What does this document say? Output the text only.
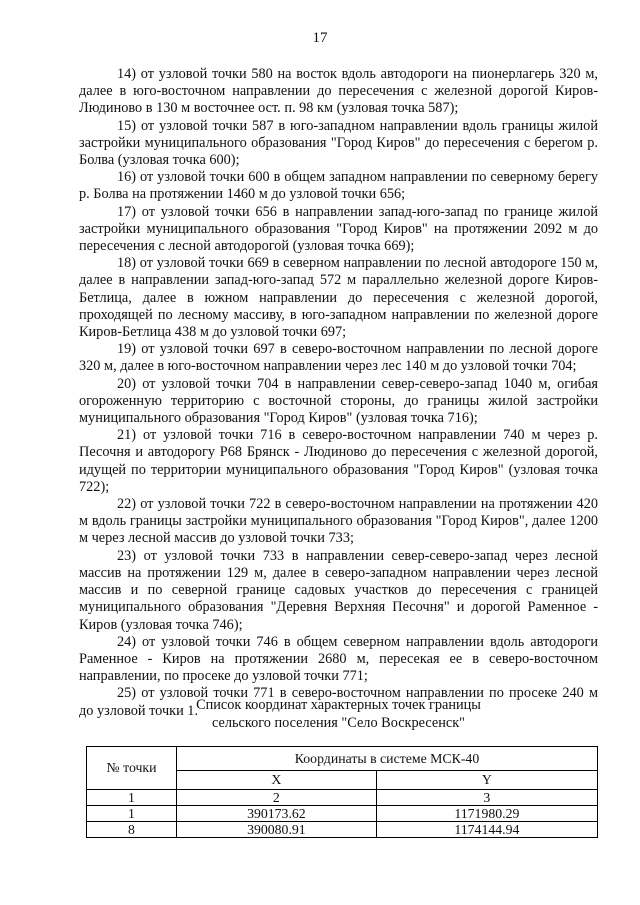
17

14) от узловой точки 580 на восток вдоль автодороги на пионерлагерь 320 м, далее в юго-восточном направлении до пересечения с железной дорогой Киров-Людиново в 130 м восточнее ост. п. 98 км (узловая точка 587);

15) от узловой точки 587 в юго-западном направлении вдоль границы жилой застройки муниципального образования "Город Киров" до пересечения с берегом р. Болва (узловая точка 600);

16) от узловой точки 600 в общем западном направлении по северному берегу р. Болва на протяжении 1460 м до узловой точки 656;

17) от узловой точки 656 в направлении запад-юго-запад по границе жилой застройки муниципального образования "Город Киров" на протяжении 2092 м до пересечения с лесной автодорогой (узловая точка 669);

18) от узловой точки 669 в северном направлении по лесной автодороге 150 м, далее в направлении запад-юго-запад 572 м параллельно железной дороге Киров-Бетлица, далее в южном направлении до пересечения с железной дорогой, проходящей по лесному массиву, в юго-западном направлении по железной дороге Киров-Бетлица 438 м до узловой точки 697;

19) от узловой точки 697 в северо-восточном направлении по лесной дороге 320 м, далее в юго-восточном направлении через лес 140 м до узловой точки 704;

20) от узловой точки 704 в направлении север-северо-запад 1040 м, огибая огороженную территорию с восточной стороны, до границы жилой застройки муниципального образования "Город Киров" (узловая точка 716);

21) от узловой точки 716 в северо-восточном направлении 740 м через р. Песочня и автодорогу Р68 Брянск - Людиново до пересечения с железной дорогой, идущей по территории муниципального образования "Город Киров" (узловая точка 722);

22) от узловой точки 722 в северо-восточном направлении на протяжении 420 м вдоль границы застройки муниципального образования "Город Киров", далее 1200 м через лесной массив до узловой точки 733;

23) от узловой точки 733 в направлении север-северо-запад через лесной массив на протяжении 129 м, далее в северо-западном направлении через лесной массив и по северной границе садовых участков до пересечения с границей муниципального образования "Деревня Верхняя Песочня" и дорогой Раменное - Киров (узловая точка 746);

24) от узловой точки 746 в общем северном направлении вдоль автодороги Раменное - Киров на протяжении 2680 м, пересекая ее в северо-восточном направлении, по просеке до узловой точки 771;

25) от узловой точки 771 в северо-восточном направлении по просеке 240 м до узловой точки 1.

Список координат характерных точек границы
сельского поселения "Село Воскресенск"
№ точки	Координаты в системе МСК-40	
	X	Y
1	2	3
1	390173.62	1171980.29
8	390080.91	1174144.94
